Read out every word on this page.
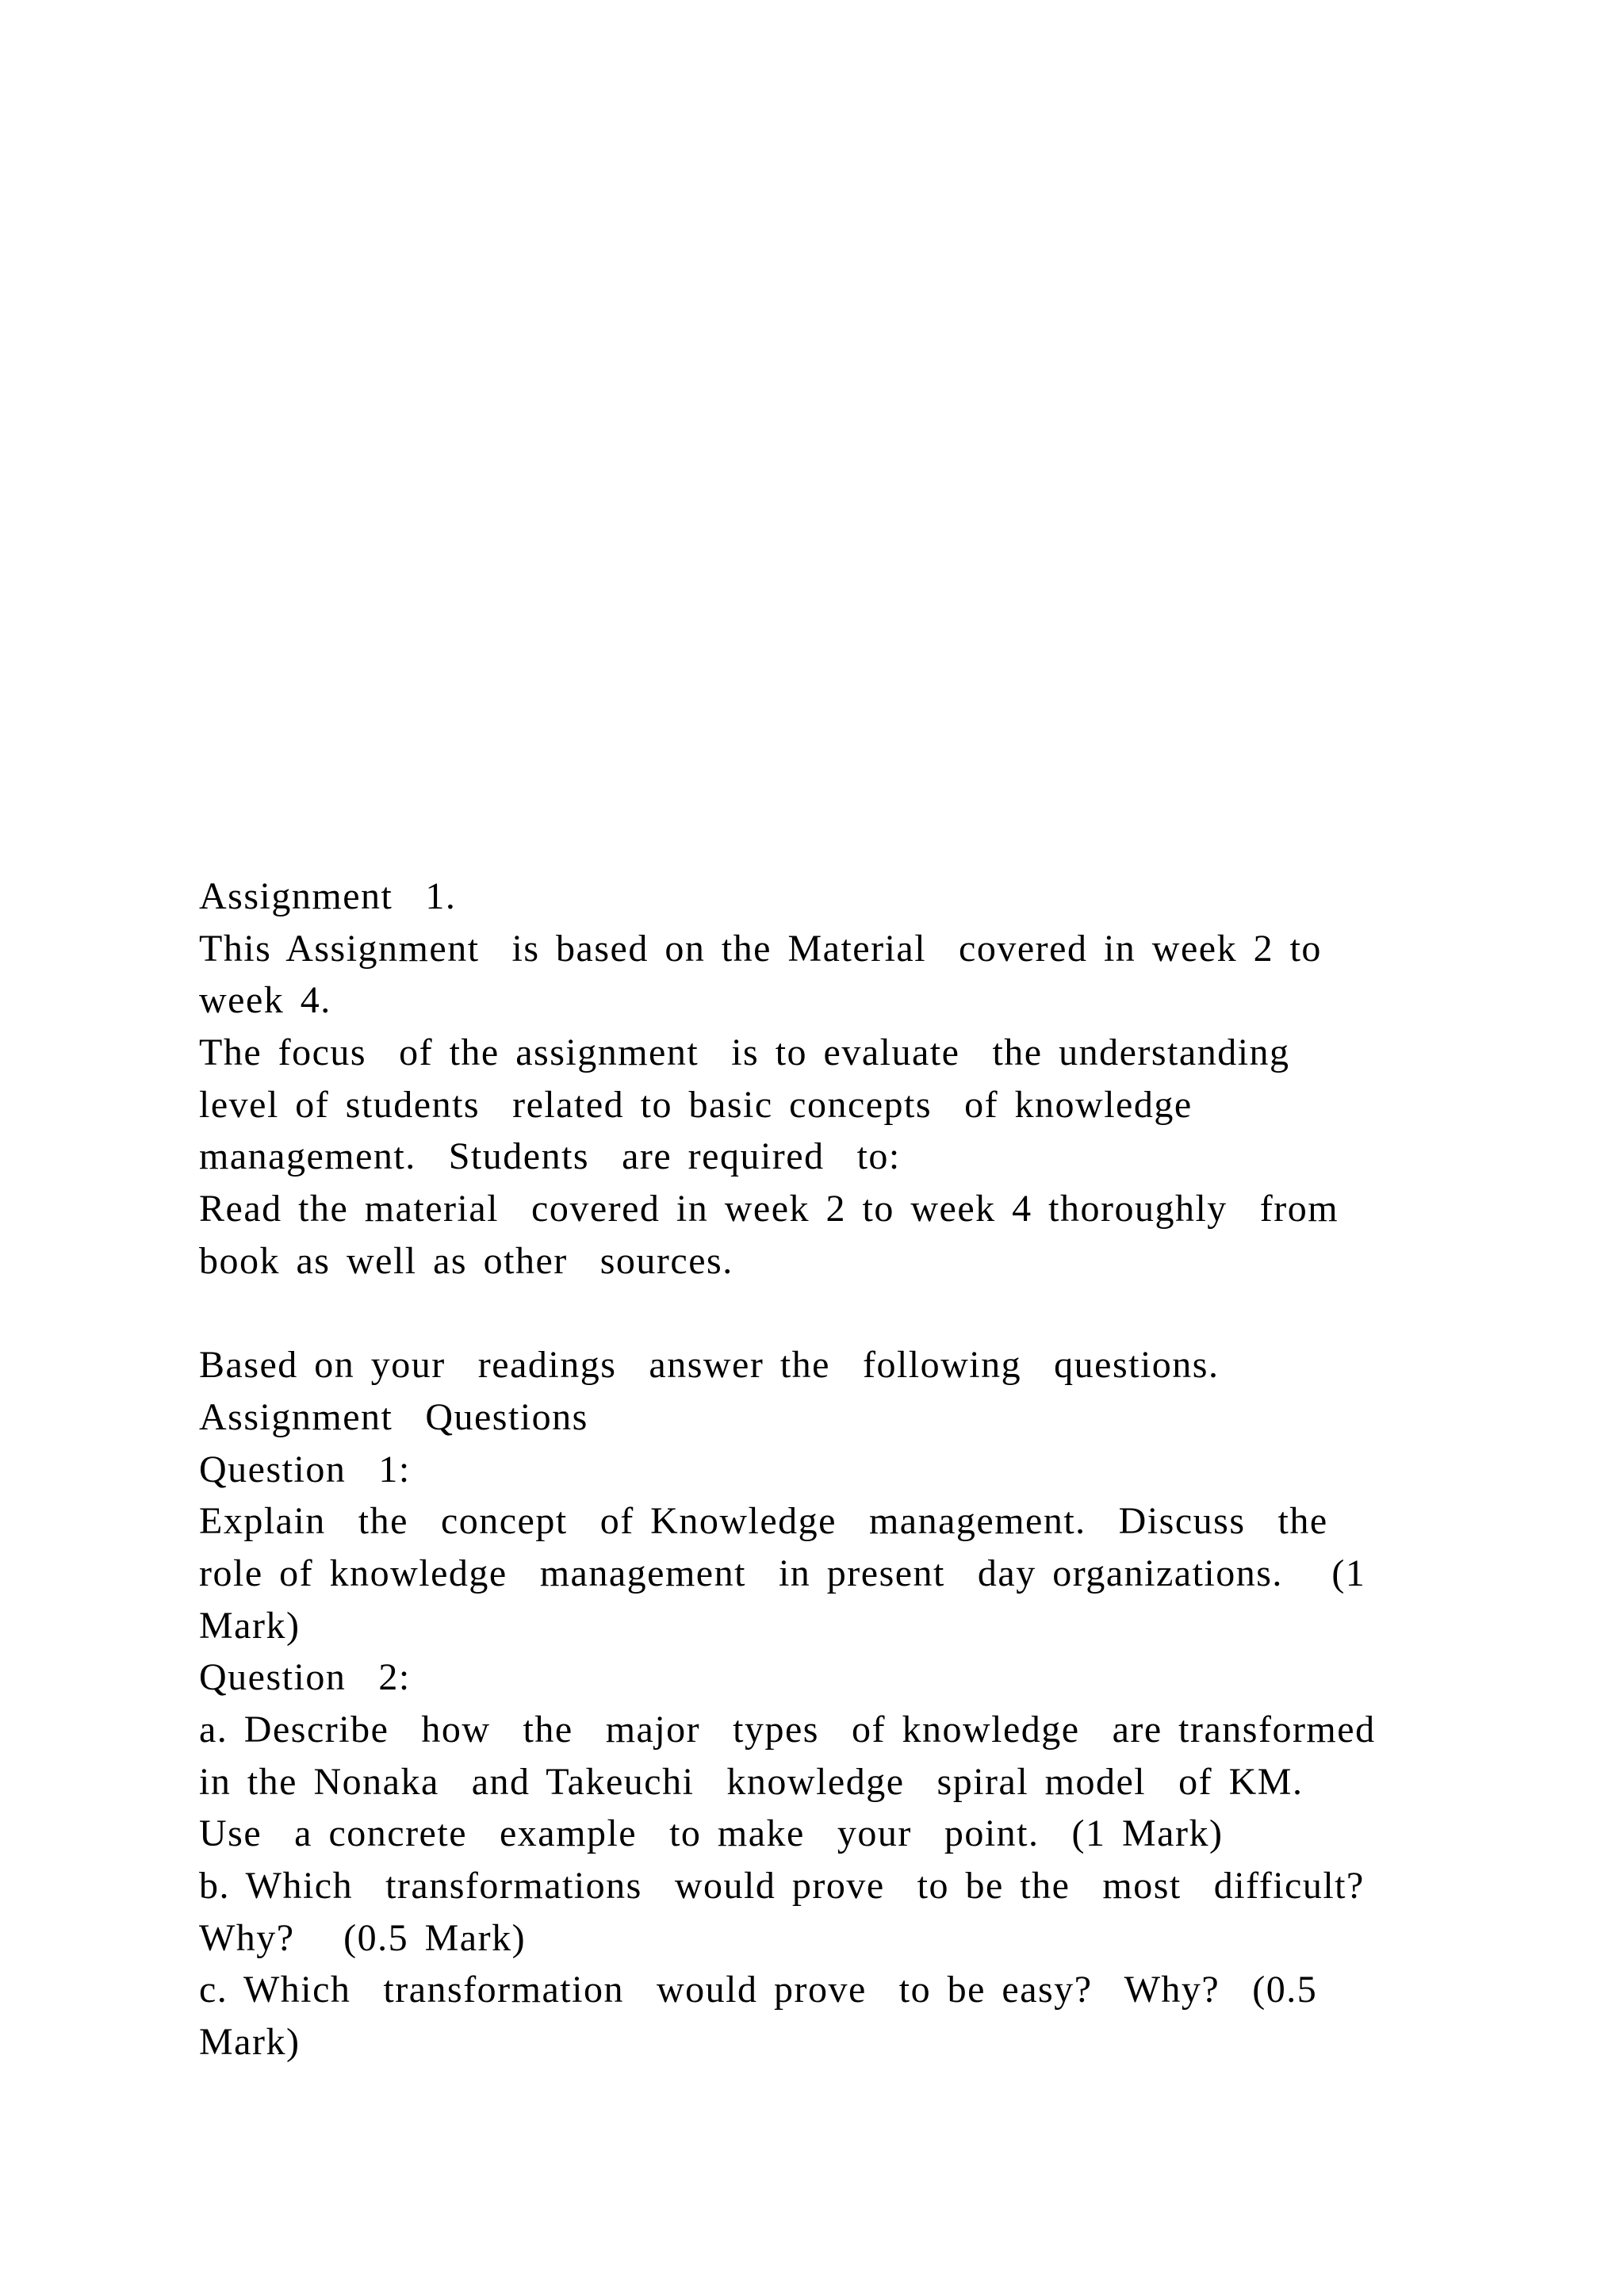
Assignment  1.
This Assignment  is based on the Material  covered in week 2 to
week 4.
The focus  of the assignment  is to evaluate  the understanding
level of students  related to basic concepts  of knowledge
management.  Students  are required  to:
Read the material  covered in week 2 to week 4 thoroughly  from
book as well as other  sources.
Based on your  readings  answer the  following  questions.
Assignment  Questions
Question  1:
Explain  the  concept  of Knowledge  management.  Discuss  the
role of knowledge  management  in present  day organizations.   (1
Mark)
Question  2:
a. Describe  how  the  major  types  of knowledge  are transformed
in the Nonaka  and Takeuchi  knowledge  spiral model  of KM.
Use  a concrete  example  to make  your  point.  (1 Mark)
b. Which  transformations  would prove  to be the  most  difficult?
Why?   (0.5 Mark)
c. Which  transformation  would prove  to be easy?  Why?  (0.5
Mark)
